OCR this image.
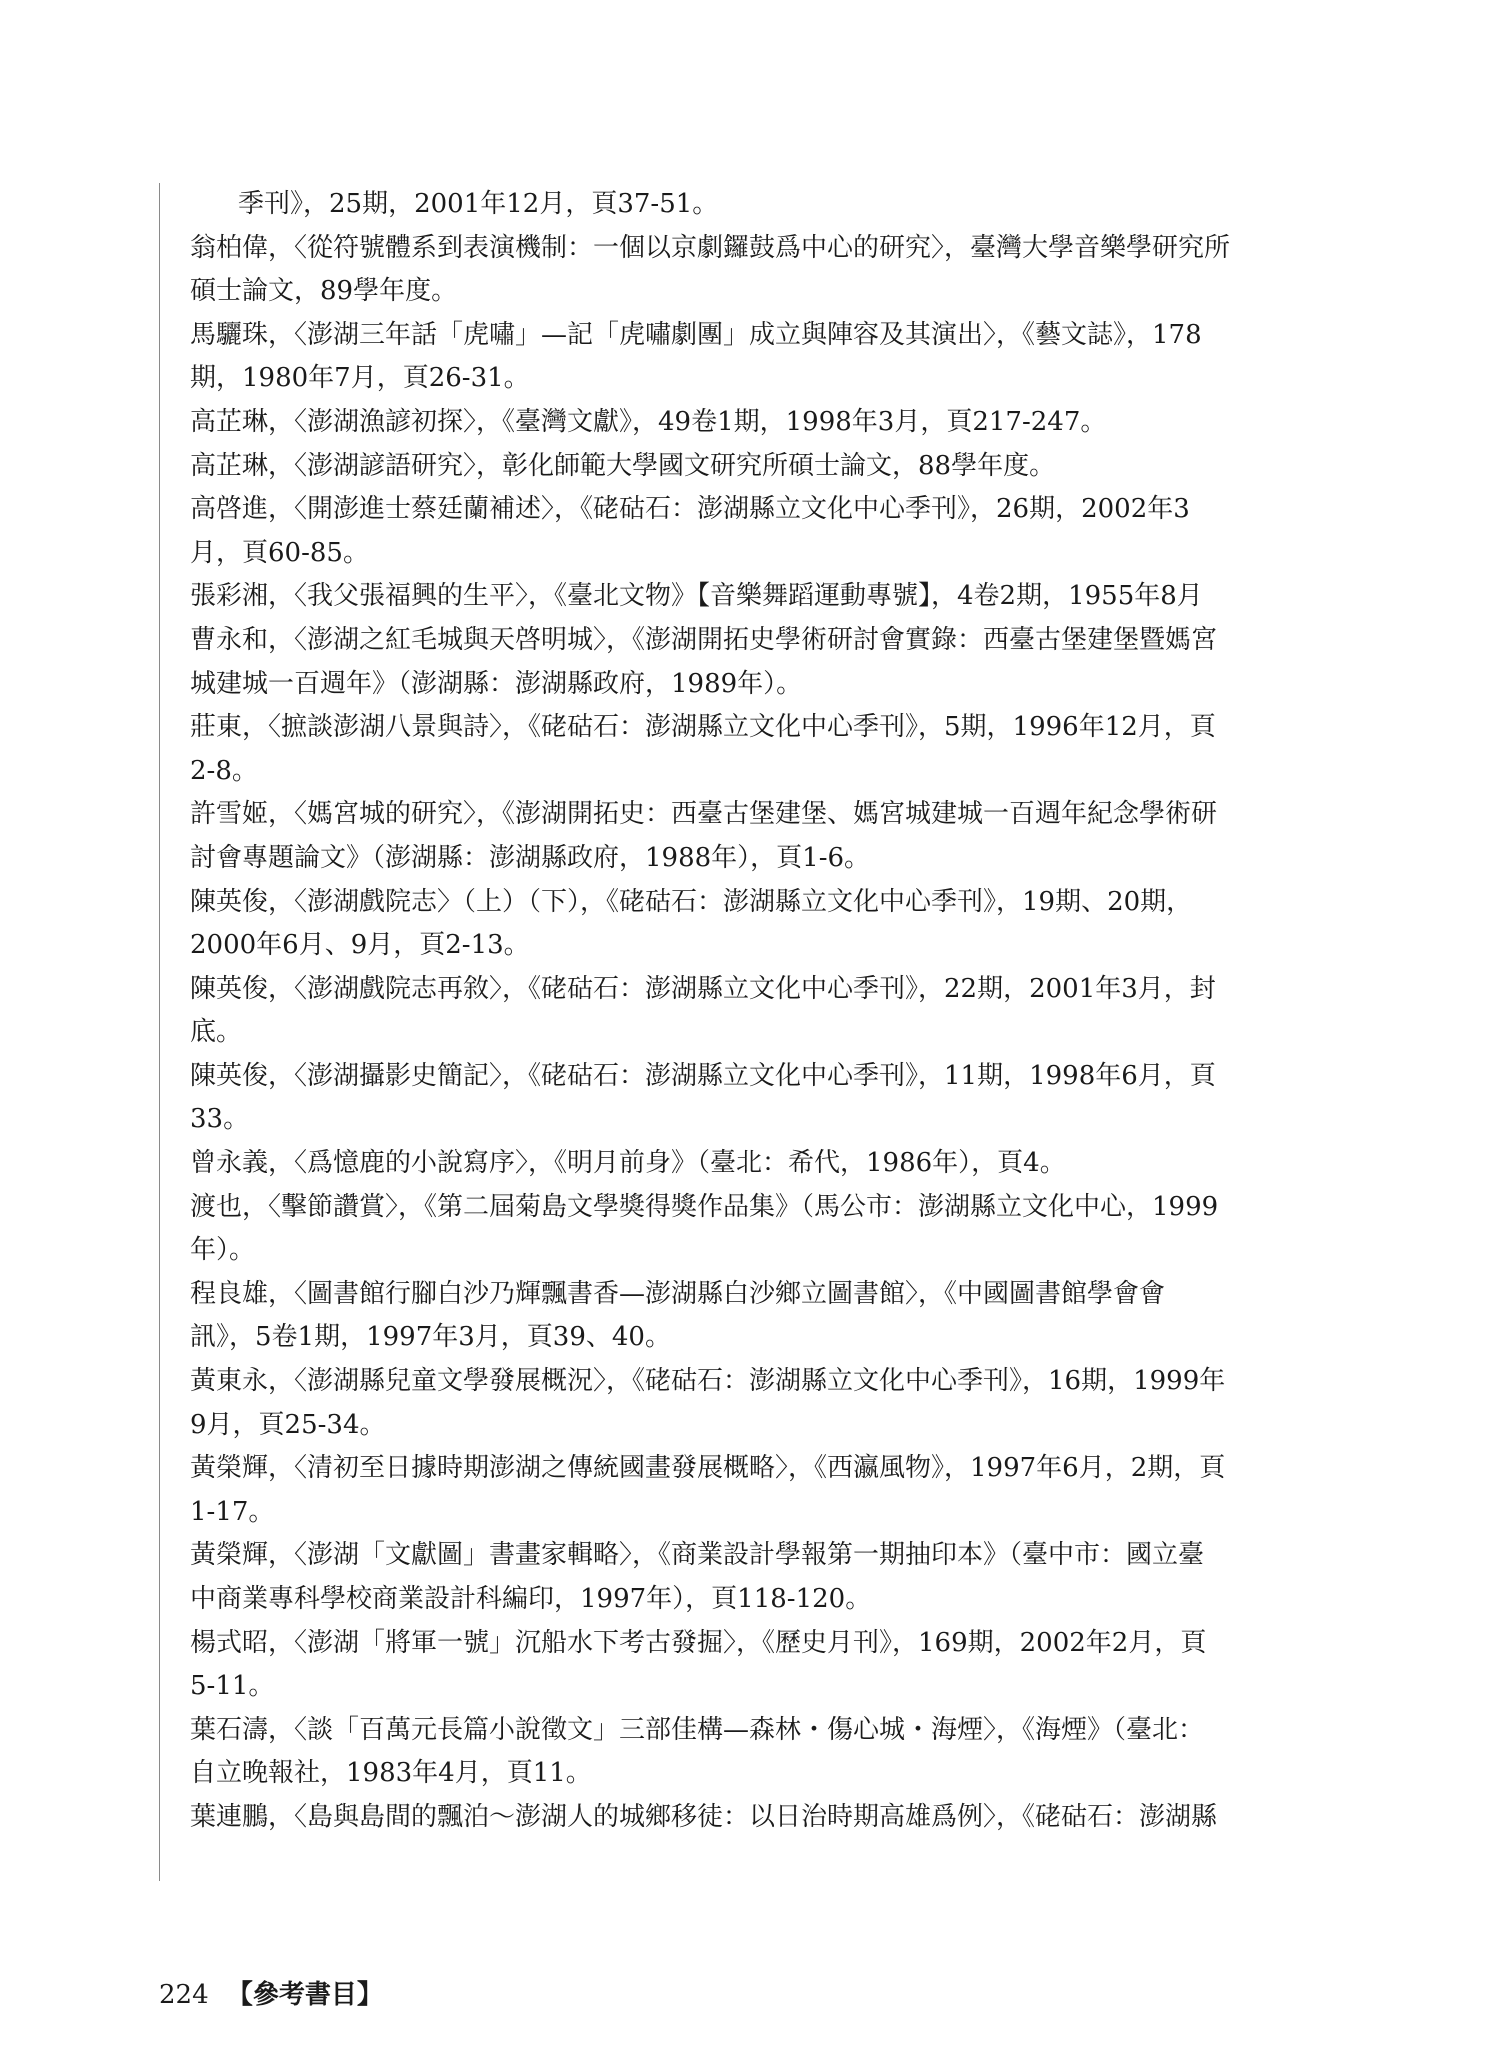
季刊》，25期，2001年12月，頁37-51。
翁柏偉，〈從符號體系到表演機制：一個以京劇鑼鼓爲中心的研究〉，臺灣大學音樂學研究所
碩士論文，89學年度。
馬驪珠，〈澎湖三年話「虎嘯」—記「虎嘯劇團」成立與陣容及其演出〉，《藝文誌》，178
期，1980年7月，頁26-31。
高芷琳，〈澎湖漁諺初探〉，《臺灣文獻》，49卷1期，1998年3月，頁217-247。
高芷琳，〈澎湖諺語研究〉，彰化師範大學國文研究所碩士論文，88學年度。
高啓進，〈開澎進士蔡廷蘭補述〉，《硓𥑮石：澎湖縣立文化中心季刊》，26期，2002年3
月，頁60-85。
張彩湘，〈我父張福興的生平〉，《臺北文物》【音樂舞蹈運動專號】，4卷2期，1955年8月
曹永和，〈澎湖之紅毛城與天啓明城〉，《澎湖開拓史學術研討會實錄：西臺古堡建堡暨媽宮
城建城一百週年》（澎湖縣：澎湖縣政府，1989年）。
莊東，〈摭談澎湖八景與詩〉，《硓𥑮石：澎湖縣立文化中心季刊》，5期，1996年12月，頁
2-8。
許雪姬，〈媽宮城的研究〉，《澎湖開拓史：西臺古堡建堡、媽宮城建城一百週年紀念學術研
討會專題論文》（澎湖縣：澎湖縣政府，1988年），頁1-6。
陳英俊，〈澎湖戲院志〉（上）（下），《硓𥑮石：澎湖縣立文化中心季刊》，19期、20期，
2000年6月、9月，頁2-13。
陳英俊，〈澎湖戲院志再敘〉，《硓𥑮石：澎湖縣立文化中心季刊》，22期，2001年3月，封
底。
陳英俊，〈澎湖攝影史簡記〉，《硓𥑮石：澎湖縣立文化中心季刊》，11期，1998年6月，頁
33。
曾永義，〈爲憶鹿的小說寫序〉，《明月前身》（臺北：希代，1986年），頁4。
渡也，〈擊節讚賞〉，《第二屆菊島文學獎得獎作品集》（馬公市：澎湖縣立文化中心，1999
年）。
程良雄，〈圖書館行腳白沙乃輝飄書香—澎湖縣白沙鄉立圖書館〉，《中國圖書館學會會
訊》，5卷1期，1997年3月，頁39、40。
黃東永，〈澎湖縣兒童文學發展概況〉，《硓𥑮石：澎湖縣立文化中心季刊》，16期，1999年
9月，頁25-34。
黃榮輝，〈清初至日據時期澎湖之傳統國畫發展概略〉，《西瀛風物》，1997年6月，2期，頁
1-17。
黃榮輝，〈澎湖「文獻圖」書畫家輯略〉，《商業設計學報第一期抽印本》（臺中市：國立臺
中商業專科學校商業設計科編印，1997年），頁118-120。
楊式昭，〈澎湖「將軍一號」沉船水下考古發掘〉，《歷史月刊》，169期，2002年2月，頁
5-11。
葉石濤，〈談「百萬元長篇小說徵文」三部佳構—森林・傷心城・海煙〉，《海煙》（臺北：
自立晚報社，1983年4月，頁11。
葉連鵬，〈島與島間的飄泊～澎湖人的城鄉移徒：以日治時期高雄爲例〉，《硓𥑮石：澎湖縣
224 【參考書目】
